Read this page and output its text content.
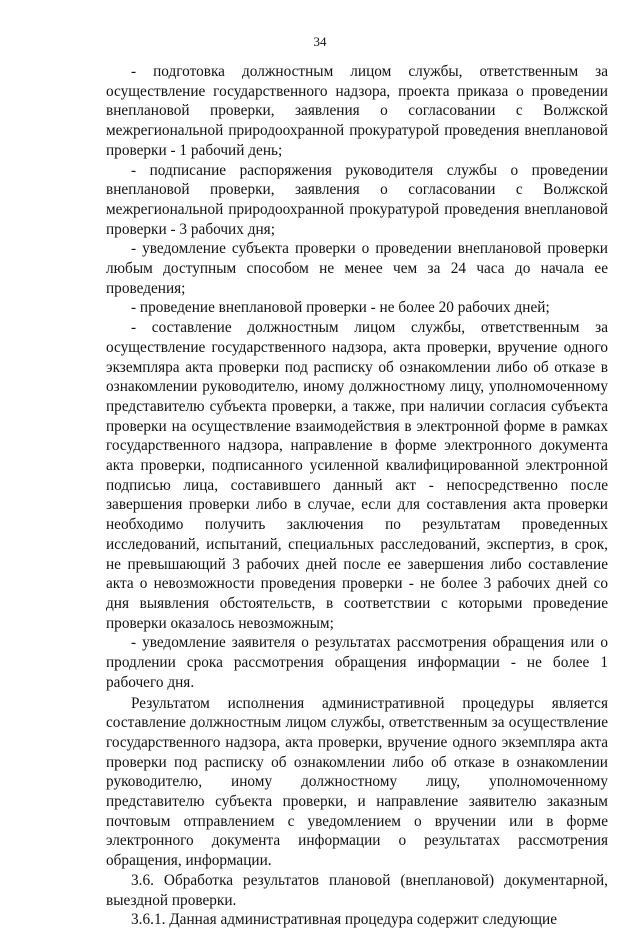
34

- подготовка должностным лицом службы, ответственным за осуществление государственного надзора, проекта приказа о проведении внеплановой проверки, заявления о согласовании с Волжской межрегиональной природоохранной прокуратурой проведения внеплановой проверки - 1 рабочий день;

- подписание распоряжения руководителя службы о проведении внеплановой проверки, заявления о согласовании с Волжской межрегиональной природоохранной прокуратурой проведения внеплановой проверки - 3 рабочих дня;

- уведомление субъекта проверки о проведении внеплановой проверки любым доступным способом не менее чем за 24 часа до начала ее проведения;

- проведение внеплановой проверки - не более 20 рабочих дней;

- составление должностным лицом службы, ответственным за осуществление государственного надзора, акта проверки, вручение одного экземпляра акта проверки под расписку об ознакомлении либо об отказе в ознакомлении руководителю, иному должностному лицу, уполномоченному представителю субъекта проверки, а также, при наличии согласия субъекта проверки на осуществление взаимодействия в электронной форме в рамках государственного надзора, направление в форме электронного документа акта проверки, подписанного усиленной квалифицированной электронной подписью лица, составившего данный акт - непосредственно после завершения проверки либо в случае, если для составления акта проверки необходимо получить заключения по результатам проведенных исследований, испытаний, специальных расследований, экспертиз, в срок, не превышающий 3 рабочих дней после ее завершения либо составление акта о невозможности проведения проверки - не более 3 рабочих дней со дня выявления обстоятельств, в соответствии с которыми проведение проверки оказалось невозможным;

- уведомление заявителя о результатах рассмотрения обращения или о продлении срока рассмотрения обращения информации - не более 1 рабочего дня.

Результатом исполнения административной процедуры является составление должностным лицом службы, ответственным за осуществление государственного надзора, акта проверки, вручение одного экземпляра акта проверки под расписку об ознакомлении либо об отказе в ознакомлении руководителю, иному должностному лицу, уполномоченному представителю субъекта проверки, и направление заявителю заказным почтовым отправлением с уведомлением о вручении или в форме электронного документа информации о результатах рассмотрения обращения, информации.

3.6. Обработка результатов плановой (внеплановой) документарной, выездной проверки.

3.6.1. Данная административная процедура содержит следующие
